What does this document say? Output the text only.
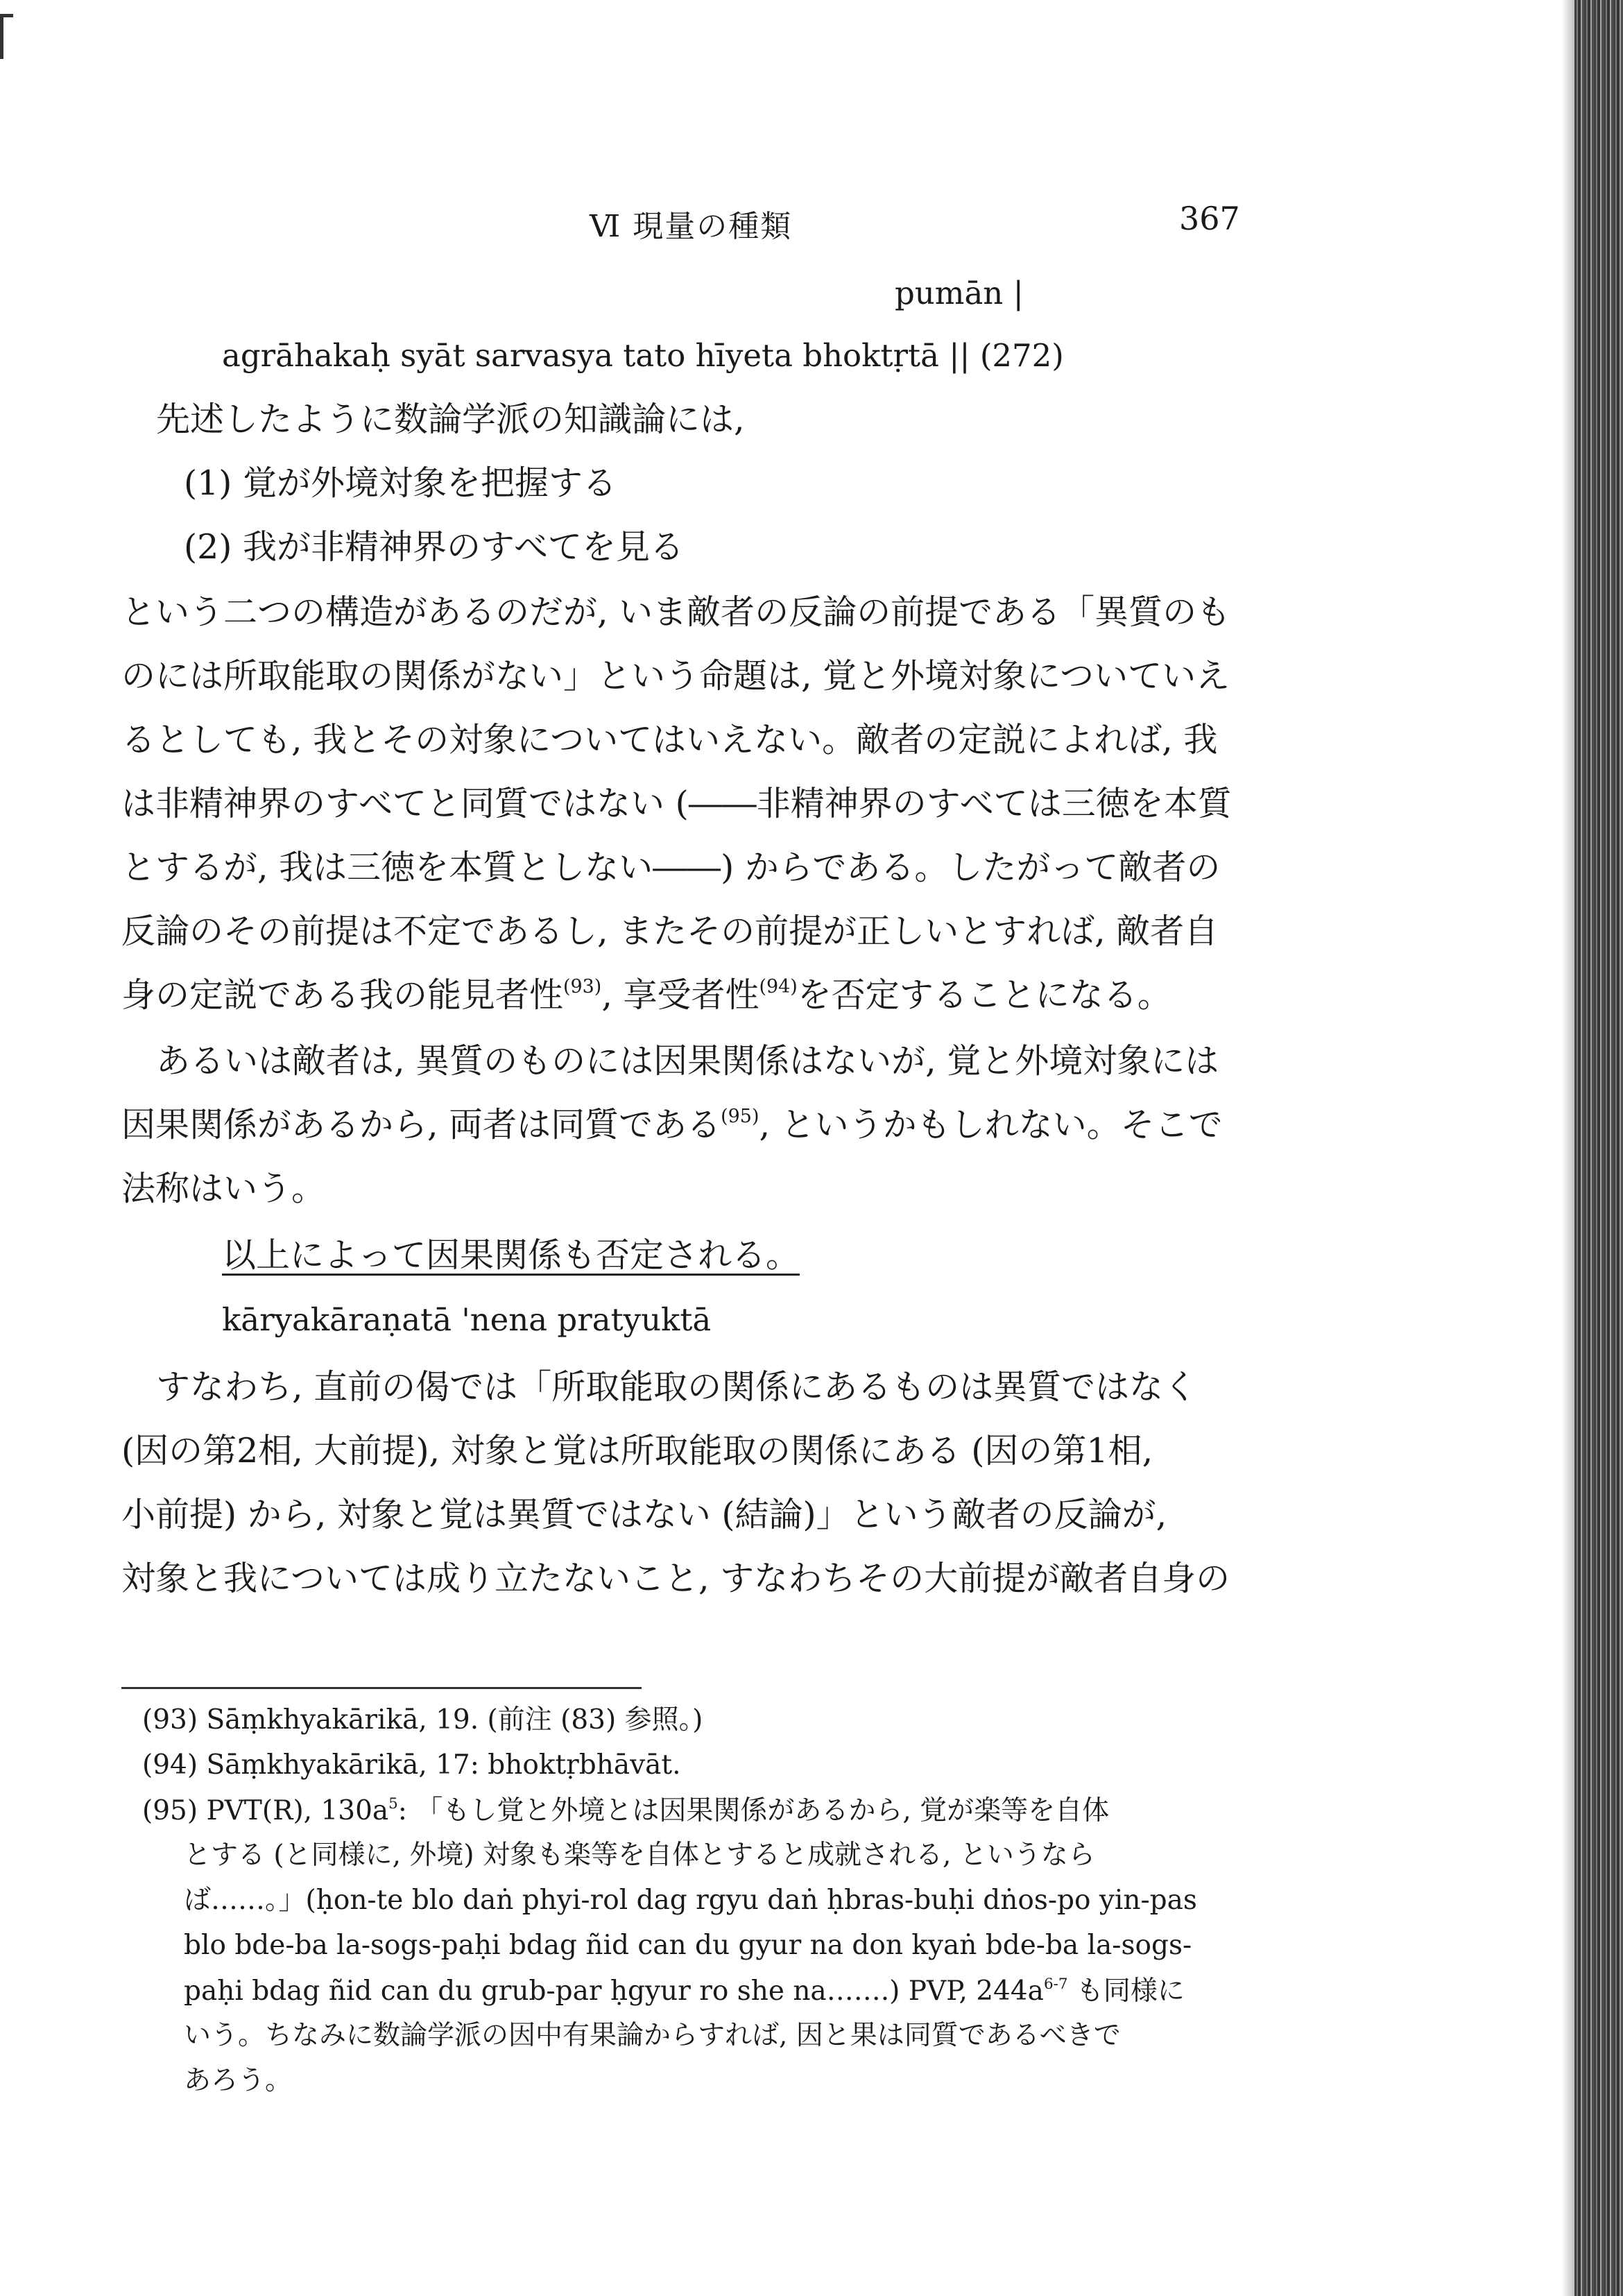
Ⅵ 現量の種類	367
pumān |
agrāhakaḥ syāt sarvasya tato hīyeta bhoktṛtā || (272)
先述したように数論学派の知識論には,
(1) 覚が外境対象を把握する
(2) 我が非精神界のすべてを見る
という二つの構造があるのだが, いま敵者の反論の前提である「異質のも
のには所取能取の関係がない」という命題は, 覚と外境対象についていえ
るとしても, 我とその対象についてはいえない。敵者の定説によれば, 我
は非精神界のすべてと同質ではない (――非精神界のすべては三徳を本質
とするが, 我は三徳を本質としない――) からである。したがって敵者の
反論のその前提は不定であるし, またその前提が正しいとすれば, 敵者自
身の定説である我の能見者性$^{(93)}$, 享受者性$^{(94)}$を否定することになる。
あるいは敵者は, 異質のものには因果関係はないが, 覚と外境対象には
因果関係があるから, 両者は同質である$^{(95)}$, というかもしれない。そこで
法称はいう。
以上によって因果関係も否定される。
kāryakāraṇatā 'nena pratyuktā
すなわち, 直前の偈では「所取能取の関係にあるものは異質ではなく
(因の第2相, 大前提), 対象と覚は所取能取の関係にある (因の第1相,
小前提) から, 対象と覚は異質ではない (結論)」という敵者の反論が,
対象と我については成り立たないこと, すなわちその大前提が敵者自身の
(93) Sāṃkhyakārikā, 19. (前注 (83) 参照。)
(94) Sāṃkhyakārikā, 17: bhoktṛbhāvāt.
(95) PVT(R), $130a^5$: 「もし覚と外境とは因果関係があるから, 覚が楽等を自体
とする (と同様に, 外境) 対象も楽等を自体とすると成就される, というなら
ば……。」(ḥon-te blo daṅ phyi-rol dag rgyu daṅ ḥbras-buḥi dṅos-po yin-pas
blo bde-ba la-sogs-paḥi bdag ñid can du gyur na don kyaṅ bde-ba la-sogs-
paḥi bdag ñid can du grub-par ḥgyur ro she na…….) PVP, $244a^{6-7}$ も同様に
いう。ちなみに数論学派の因中有果論からすれば, 因と果は同質であるべきで
あろう。
